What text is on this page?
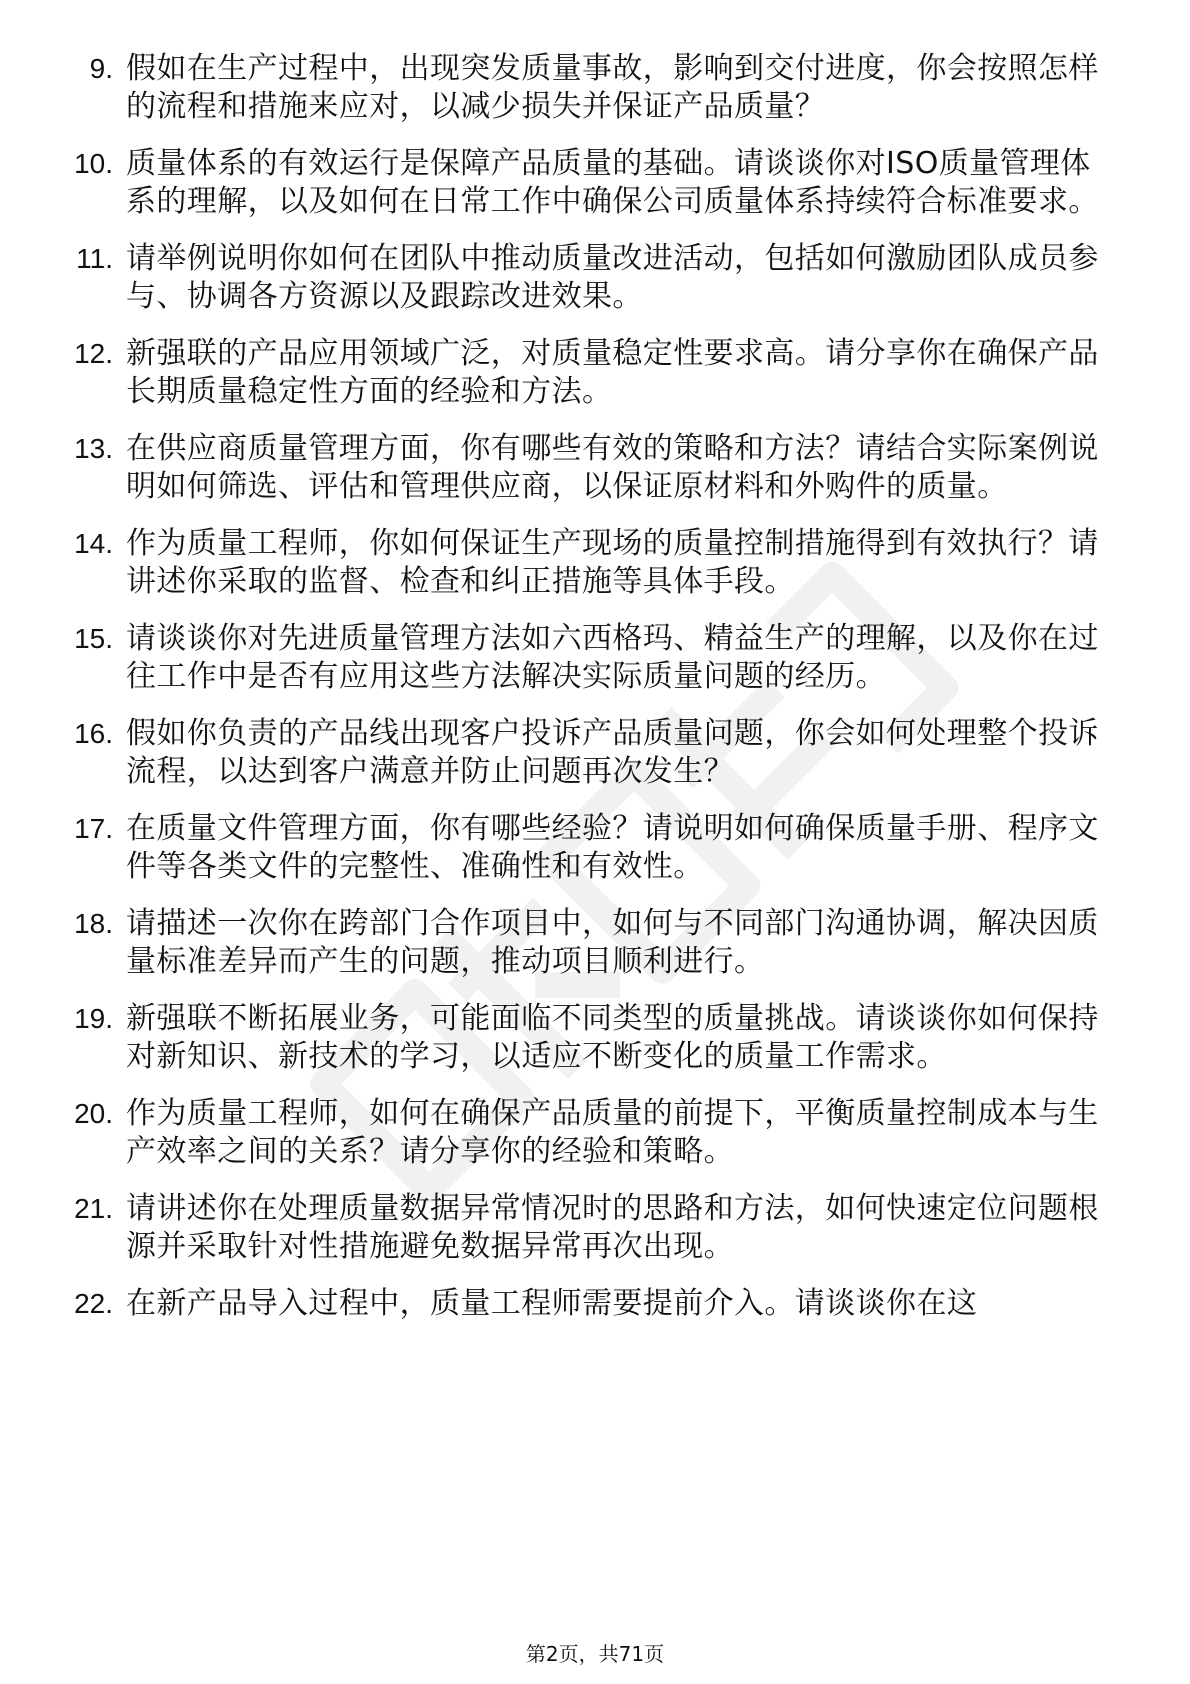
9. 假如在生产过程中，出现突发质量事故，影响到交付进度，你会按照怎样的流程和措施来应对，以减少损失并保证产品质量？
10. 质量体系的有效运行是保障产品质量的基础。请谈谈你对ISO质量管理体系的理解，以及如何在日常工作中确保公司质量体系持续符合标准要求。
11. 请举例说明你如何在团队中推动质量改进活动，包括如何激励团队成员参与、协调各方资源以及跟踪改进效果。
12. 新强联的产品应用领域广泛，对质量稳定性要求高。请分享你在确保产品长期质量稳定性方面的经验和方法。
13. 在供应商质量管理方面，你有哪些有效的策略和方法？请结合实际案例说明如何筛选、评估和管理供应商，以保证原材料和外购件的质量。
14. 作为质量工程师，你如何保证生产现场的质量控制措施得到有效执行？请讲述你采取的监督、检查和纠正措施等具体手段。
15. 请谈谈你对先进质量管理方法如六西格玛、精益生产的理解，以及你在过往工作中是否有应用这些方法解决实际质量问题的经历。
16. 假如你负责的产品线出现客户投诉产品质量问题，你会如何处理整个投诉流程，以达到客户满意并防止问题再次发生？
17. 在质量文件管理方面，你有哪些经验？请说明如何确保质量手册、程序文件等各类文件的完整性、准确性和有效性。
18. 请描述一次你在跨部门合作项目中，如何与不同部门沟通协调，解决因质量标准差异而产生的问题，推动项目顺利进行。
19. 新强联不断拓展业务，可能面临不同类型的质量挑战。请谈谈你如何保持对新知识、新技术的学习，以适应不断变化的质量工作需求。
20. 作为质量工程师，如何在确保产品质量的前提下，平衡质量控制成本与生产效率之间的关系？请分享你的经验和策略。
21. 请讲述你在处理质量数据异常情况时的思路和方法，如何快速定位问题根源并采取针对性措施避免数据异常再次出现。
22. 在新产品导入过程中，质量工程师需要提前介入。请谈谈你在这
第2页，共71页
